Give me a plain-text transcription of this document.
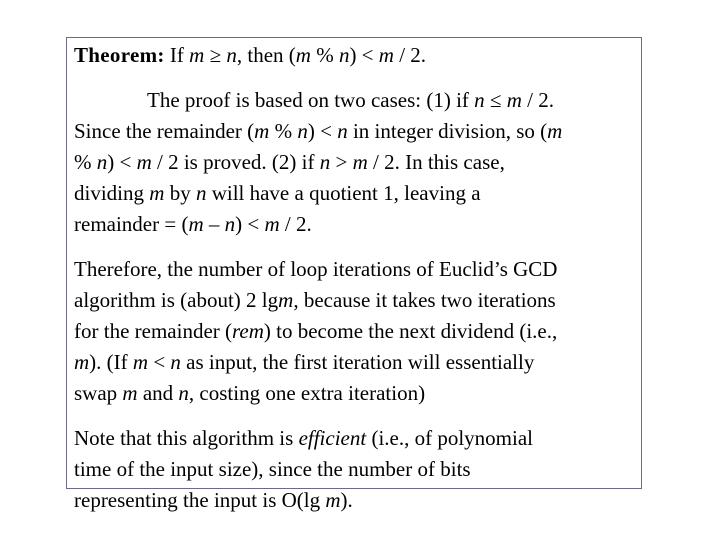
Theorem: If m ≥ n, then (m % n) < m / 2.

The proof is based on two cases: (1) if n ≤ m / 2.
Since the remainder (m % n) < n in integer division, so (m
% n) < m / 2 is proved. (2) if n > m / 2. In this case,
dividing m by n will have a quotient 1, leaving a
remainder = (m – n) < m / 2.
Therefore, the number of loop iterations of Euclid’s GCD
algorithm is (about) 2 lgm, because it takes two iterations
for the remainder (rem) to become the next dividend (i.e.,
m). (If m < n as input, the first iteration will essentially
swap m and n, costing one extra iteration)
Note that this algorithm is efficient (i.e., of polynomial
time of the input size), since the number of bits
representing the input is O(lg m).
